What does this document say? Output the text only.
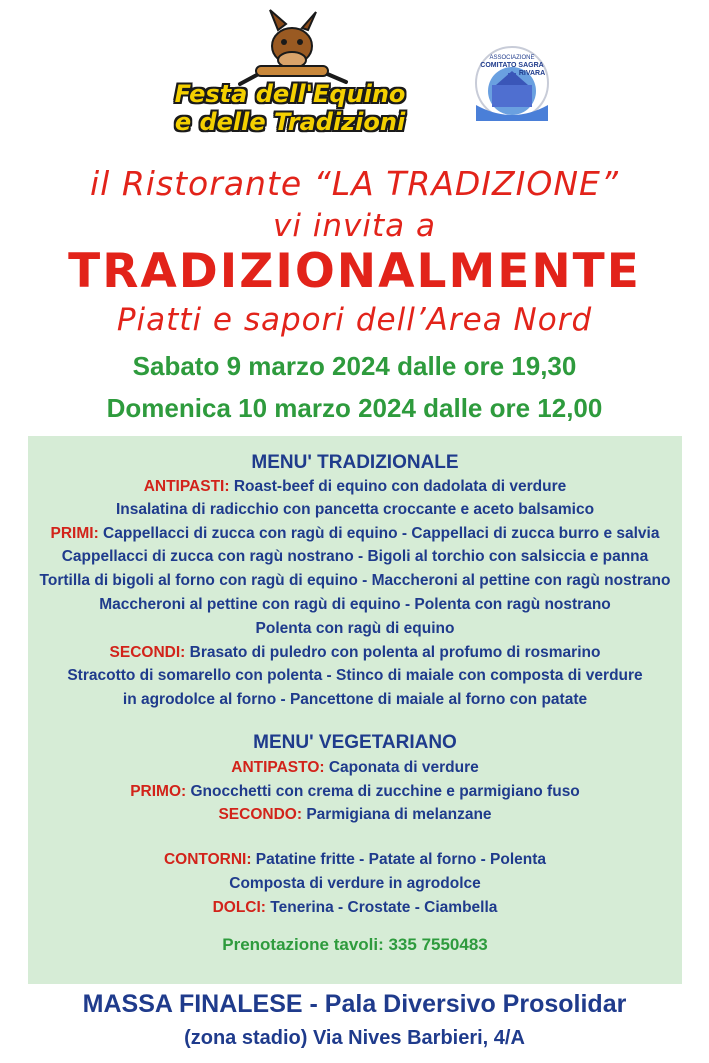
Festa dell'Equino
e delle Tradizioni
ASSOCIAZIONE
COMITATO SAGRA
RIVARA
il Ristorante “LA TRADIZIONE”
vi invita a
TRADIZIONALMENTE
Piatti e sapori dell’Area Nord
Sabato 9 marzo 2024 dalle ore 19,30
Domenica 10 marzo 2024 dalle ore 12,00
MENU' TRADIZIONALE
ANTIPASTI: Roast-beef di equino con dadolata di verdure
Insalatina di radicchio con pancetta croccante e aceto balsamico
PRIMI: Cappellacci di zucca con ragù di equino - Cappellaci di zucca burro e salvia
Cappellacci di zucca con ragù nostrano - Bigoli al torchio con salsiccia e panna
Tortilla di bigoli al forno con ragù di equino - Maccheroni al pettine con ragù nostrano
Maccheroni al pettine con ragù di equino - Polenta con ragù nostrano
Polenta con ragù di equino
SECONDI: Brasato di puledro con polenta al profumo di rosmarino
Stracotto di somarello con polenta - Stinco di maiale con composta di verdure
in agrodolce al forno - Pancettone di maiale al forno con patate
MENU' VEGETARIANO
ANTIPASTO: Caponata di verdure
PRIMO: Gnocchetti con crema di zucchine e parmigiano fuso
SECONDO: Parmigiana di melanzane
CONTORNI: Patatine fritte - Patate al forno - Polenta
Composta di verdure in agrodolce
DOLCI: Tenerina - Crostate - Ciambella
Prenotazione tavoli: 335 7550483
MASSA FINALESE - Pala Diversivo Prosolidar
(zona stadio) Via Nives Barbieri, 4/A
